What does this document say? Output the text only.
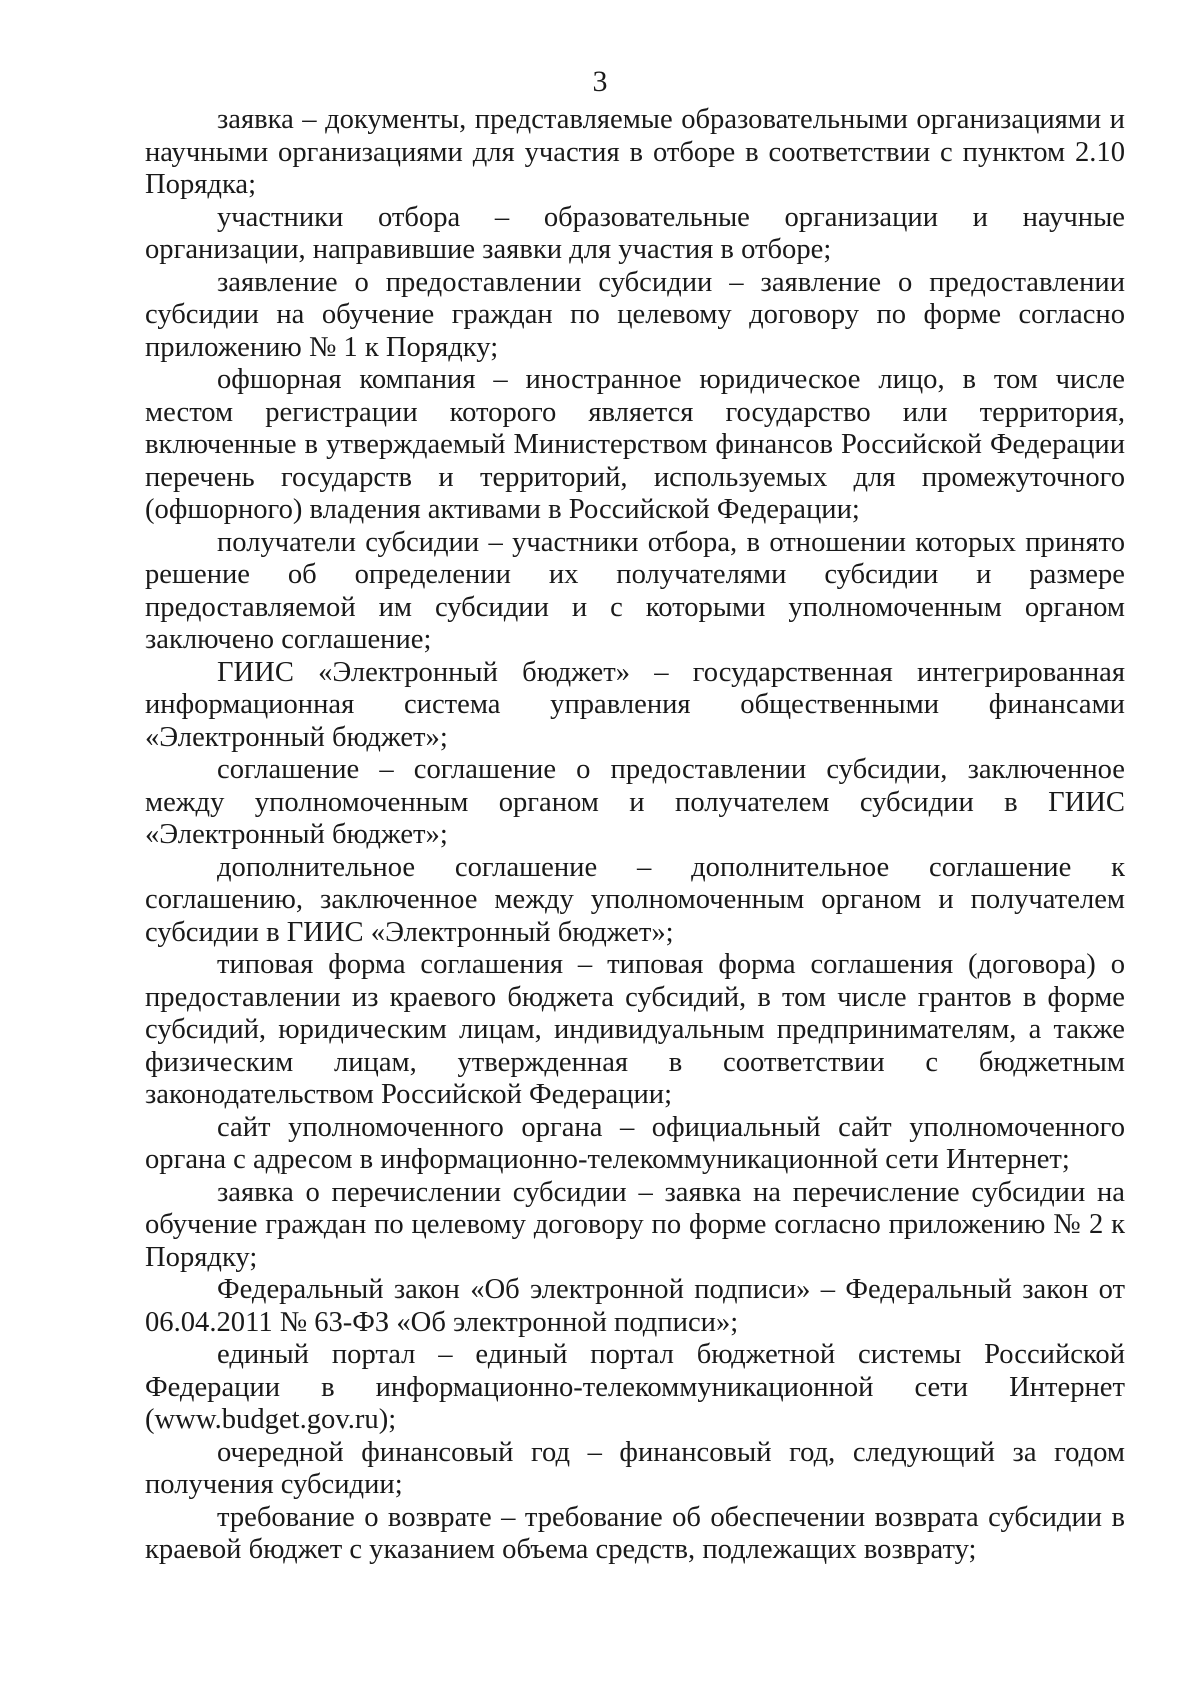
3

заявка – документы, представляемые образовательными организациями и научными организациями для участия в отборе в соответствии с пунктом 2.10 Порядка;

участники отбора – образовательные организации и научные организации, направившие заявки для участия в отборе;

заявление о предоставлении субсидии – заявление о предоставлении субсидии на обучение граждан по целевому договору по форме согласно приложению № 1 к Порядку;

офшорная компания – иностранное юридическое лицо, в том числе местом регистрации которого является государство или территория, включенные в утверждаемый Министерством финансов Российской Федерации перечень государств и территорий, используемых для промежуточного (офшорного) владения активами в Российской Федерации;

получатели субсидии – участники отбора, в отношении которых принято решение об определении их получателями субсидии и размере предоставляемой им субсидии и с которыми уполномоченным органом заключено соглашение;

ГИИС «Электронный бюджет» – государственная интегрированная информационная система управления общественными финансами «Электронный бюджет»;

соглашение – соглашение о предоставлении субсидии, заключенное между уполномоченным органом и получателем субсидии в ГИИС «Электронный бюджет»;

дополнительное соглашение – дополнительное соглашение к соглашению, заключенное между уполномоченным органом и получателем субсидии в ГИИС «Электронный бюджет»;

типовая форма соглашения – типовая форма соглашения (договора) о предоставлении из краевого бюджета субсидий, в том числе грантов в форме субсидий, юридическим лицам, индивидуальным предпринимателям, а также физическим лицам, утвержденная в соответствии с бюджетным законодательством Российской Федерации;

сайт уполномоченного органа – официальный сайт уполномоченного органа с адресом в информационно-телекоммуникационной сети Интернет;

заявка о перечислении субсидии – заявка на перечисление субсидии на обучение граждан по целевому договору по форме согласно приложению № 2 к Порядку;

Федеральный закон «Об электронной подписи» – Федеральный закон от 06.04.2011 № 63-ФЗ «Об электронной подписи»;

единый портал – единый портал бюджетной системы Российской Федерации в информационно-телекоммуникационной сети Интернет (www.budget.gov.ru);

очередной финансовый год – финансовый год, следующий за годом получения субсидии;

требование о возврате – требование об обеспечении возврата субсидии в краевой бюджет с указанием объема средств, подлежащих возврату;
